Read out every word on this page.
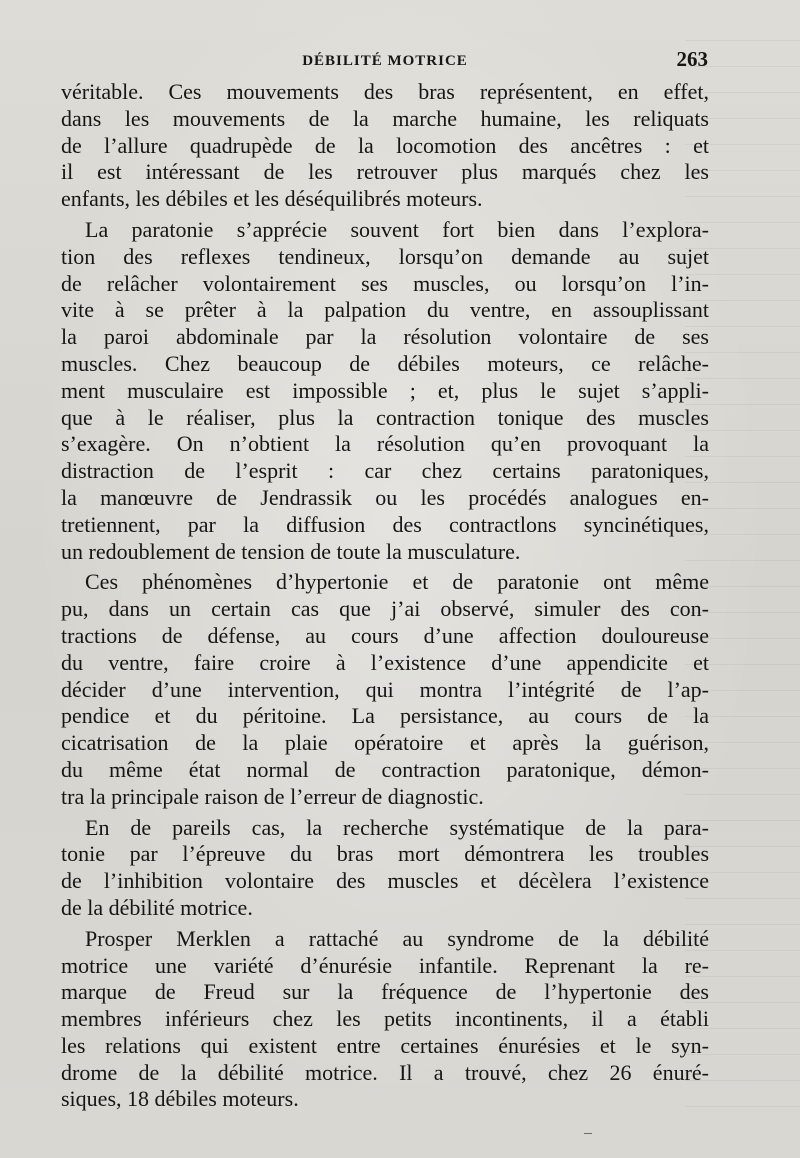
DÉBILITÉ MOTRICE	263
véritable. Ces mouvements des bras représentent, en effet,
dans les mouvements de la marche humaine, les reliquats
de l’allure quadrupède de la locomotion des ancêtres : et
il est intéressant de les retrouver plus marqués chez les
enfants, les débiles et les déséquilibrés moteurs.
La paratonie s’apprécie souvent fort bien dans l’explora-
tion des reflexes tendineux, lorsqu’on demande au sujet
de relâcher volontairement ses muscles, ou lorsqu’on l’in-
vite à se prêter à la palpation du ventre, en assouplissant
la paroi abdominale par la résolution volontaire de ses
muscles. Chez beaucoup de débiles moteurs, ce relâche-
ment musculaire est impossible ; et, plus le sujet s’appli-
que à le réaliser, plus la contraction tonique des muscles
s’exagère. On n’obtient la résolution qu’en provoquant la
distraction de l’esprit : car chez certains paratoniques,
la manœuvre de Jendrassik ou les procédés analogues en-
tretiennent, par la diffusion des contractlons syncinétiques,
un redoublement de tension de toute la musculature.
Ces phénomènes d’hypertonie et de paratonie ont même
pu, dans un certain cas que j’ai observé, simuler des con-
tractions de défense, au cours d’une affection douloureuse
du ventre, faire croire à l’existence d’une appendicite et
décider d’une intervention, qui montra l’intégrité de l’ap-
pendice et du péritoine. La persistance, au cours de la
cicatrisation de la plaie opératoire et après la guérison,
du même état normal de contraction paratonique, démon-
tra la principale raison de l’erreur de diagnostic.
En de pareils cas, la recherche systématique de la para-
tonie par l’épreuve du bras mort démontrera les troubles
de l’inhibition volontaire des muscles et décèlera l’existence
de la débilité motrice.
Prosper Merklen a rattaché au syndrome de la débilité
motrice une variété d’énurésie infantile. Reprenant la re-
marque de Freud sur la fréquence de l’hypertonie des
membres inférieurs chez les petits incontinents, il a établi
les relations qui existent entre certaines énurésies et le syn-
drome de la débilité motrice. Il a trouvé, chez 26 énuré-
siques, 18 débiles moteurs.
